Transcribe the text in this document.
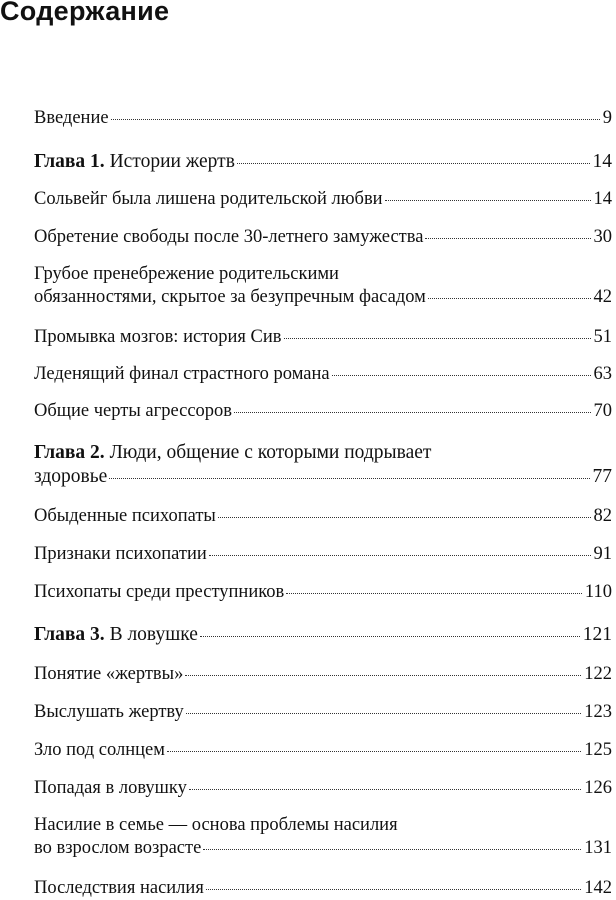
Содержание
Введение	9
Глава 1. Истории жертв	14
Сольвейг была лишена родительской любви	14
Обретение свободы после 30-летнего замужества	30
Грубое пренебрежение родительскими
обязанностями, скрытое за безупречным фасадом	42
Промывка мозгов: история Сив	51
Леденящий финал страстного романа	63
Общие черты агрессоров	70
Глава 2. Люди, общение с которыми подрывает
здоровье	77
Обыденные психопаты	82
Признаки психопатии	91
Психопаты среди преступников	110
Глава 3. В ловушке	121
Понятие «жертвы»	122
Выслушать жертву	123
Зло под солнцем	125
Попадая в ловушку	126
Насилие в семье — основа проблемы насилия
во взрослом возрасте	131
Последствия насилия	142
